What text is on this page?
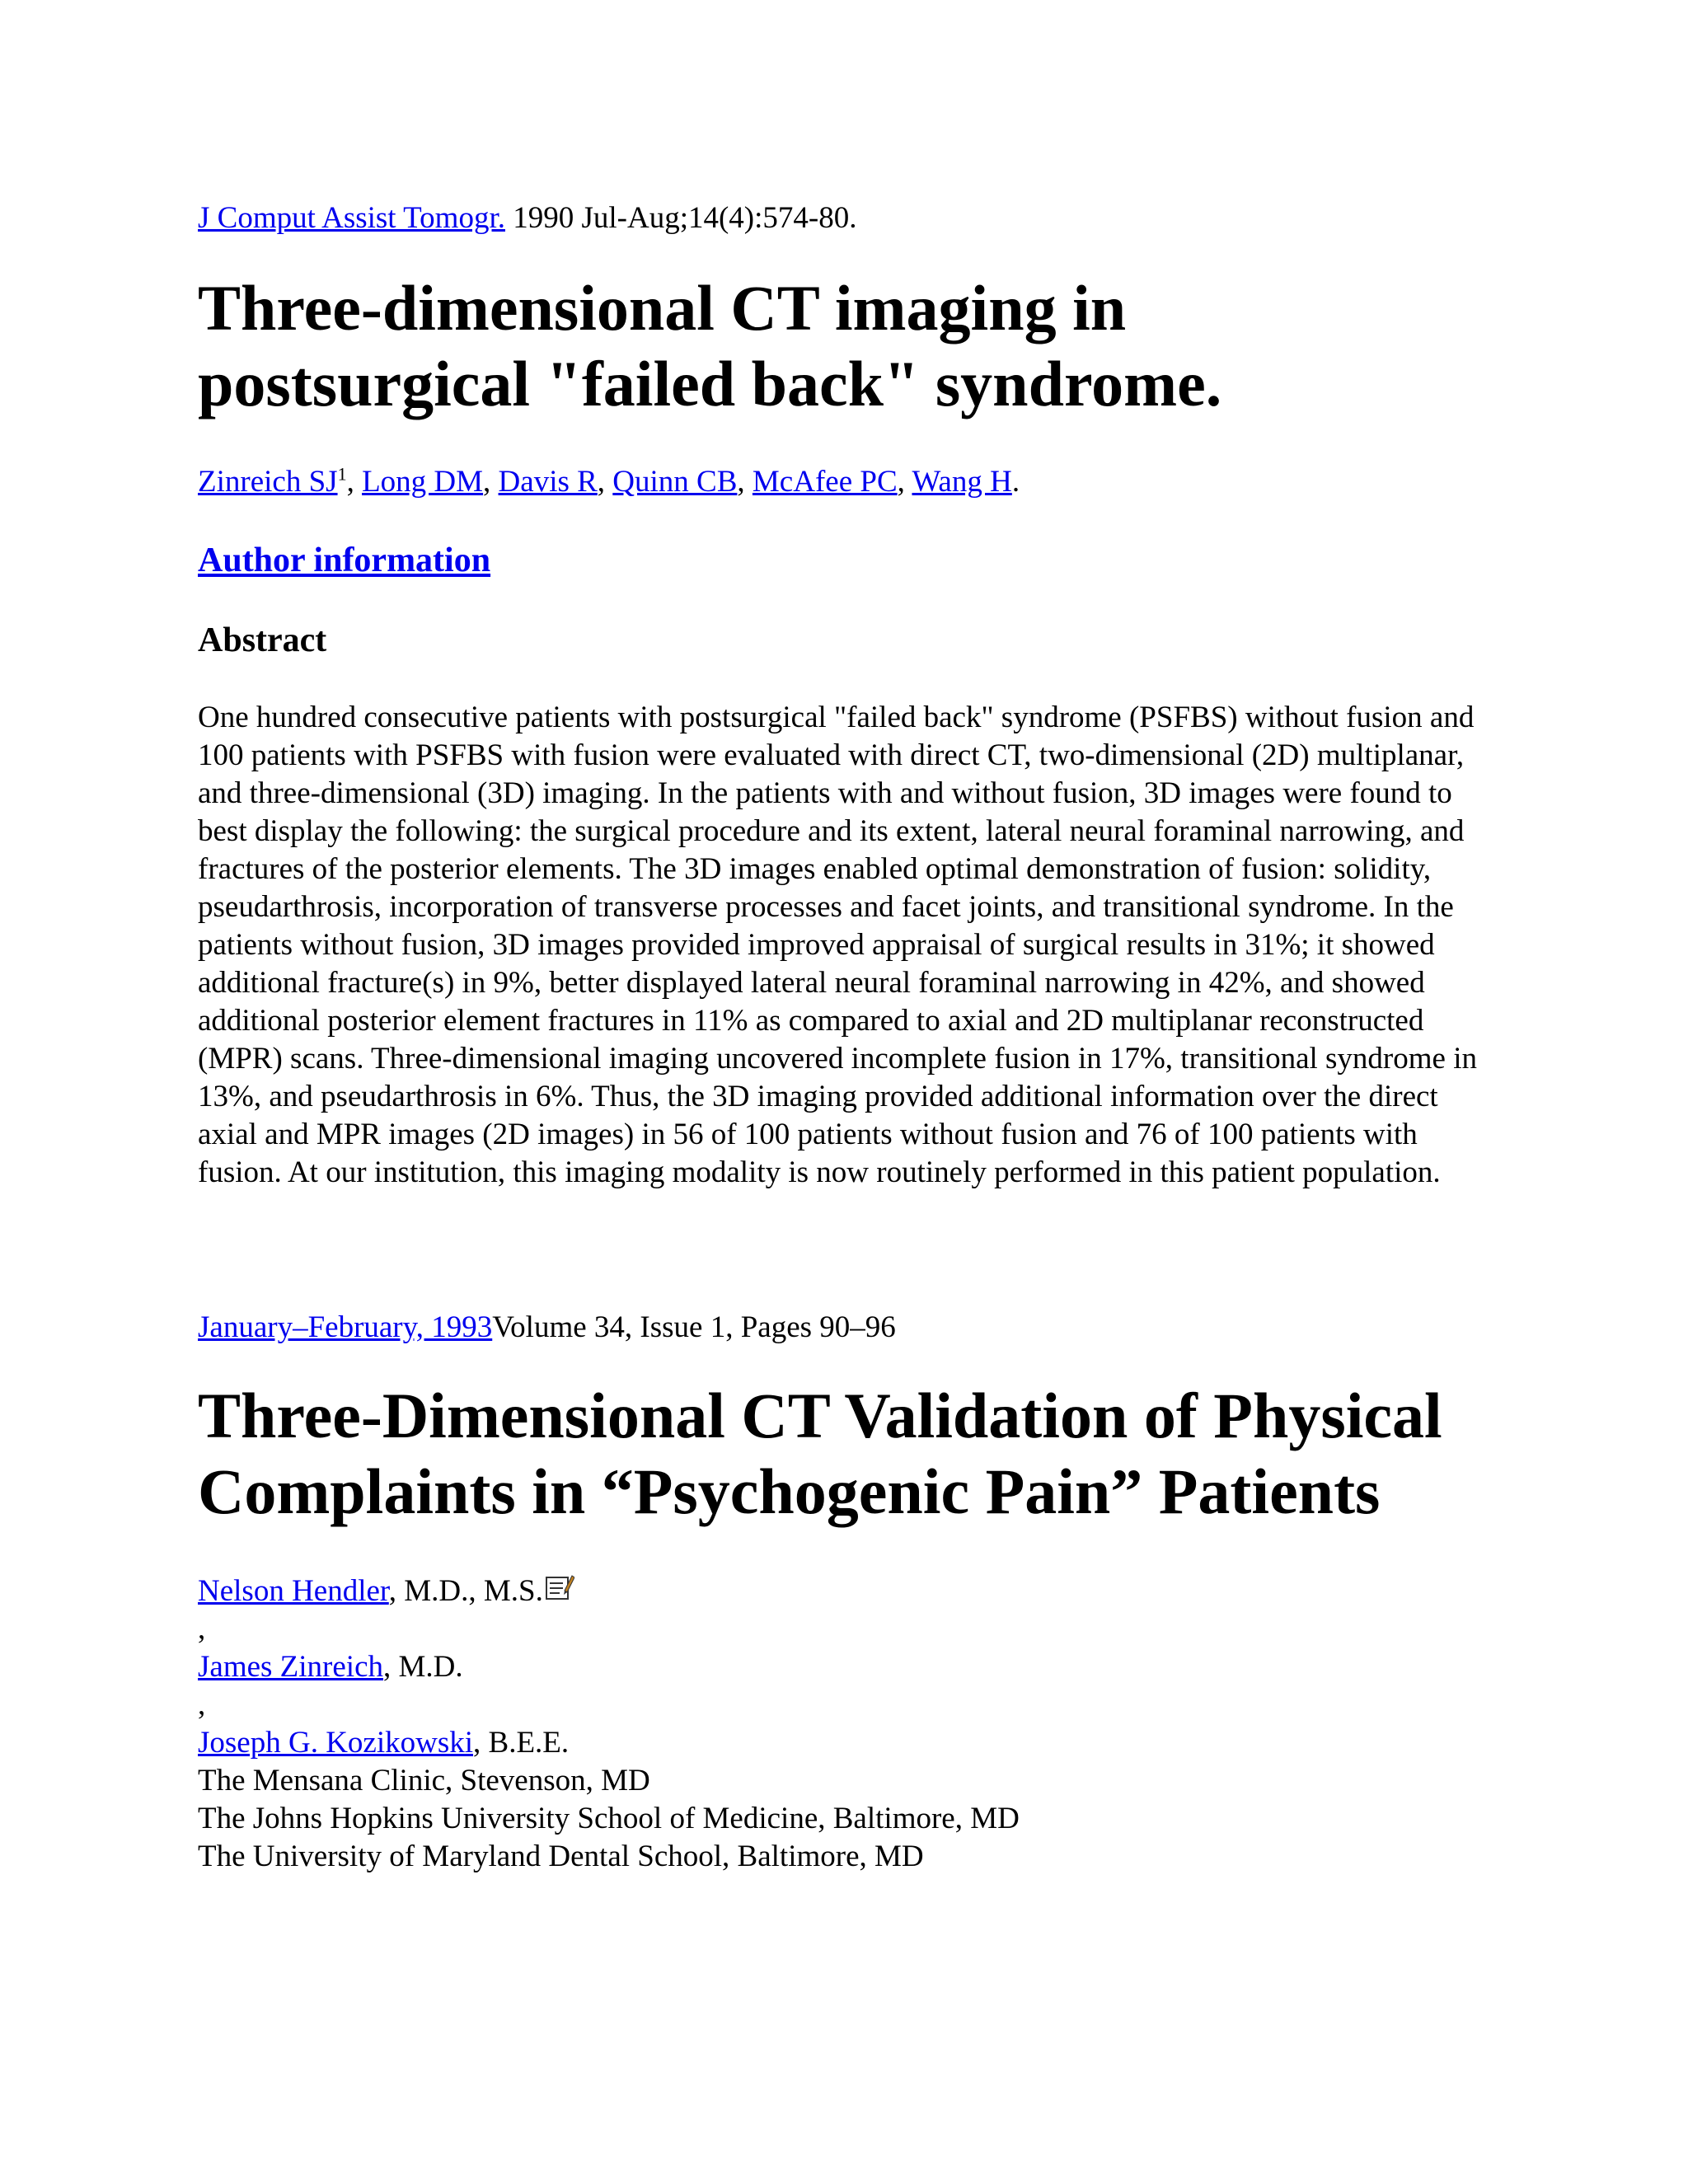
J Comput Assist Tomogr. 1990 Jul-Aug;14(4):574-80.
Three-dimensional CT imaging in
postsurgical "failed back" syndrome.
Zinreich $SJ^1$, Long DM, Davis R, Quinn CB, McAfee PC, Wang H.
Author information
Abstract

One hundred consecutive patients with postsurgical "failed back" syndrome (PSFBS) without fusion and 100 patients with PSFBS with fusion were evaluated with direct CT, two-dimensional (2D) multiplanar, and three-dimensional (3D) imaging. In the patients with and without fusion, 3D images were found to best display the following: the surgical procedure and its extent, lateral neural foraminal narrowing, and fractures of the posterior elements. The 3D images enabled optimal demonstration of fusion: solidity, pseudarthrosis, incorporation of transverse processes and facet joints, and transitional syndrome. In the patients without fusion, 3D images provided improved appraisal of surgical results in 31%; it showed additional fracture(s) in 9%, better displayed lateral neural foraminal narrowing in 42%, and showed additional posterior element fractures in 11% as compared to axial and 2D multiplanar reconstructed (MPR) scans. Three-dimensional imaging uncovered incomplete fusion in 17%, transitional syndrome in 13%, and pseudarthrosis in 6%. Thus, the 3D imaging provided additional information over the direct axial and MPR images (2D images) in 56 of 100 patients without fusion and 76 of 100 patients with fusion. At our institution, this imaging modality is now routinely performed in this patient population.

January–February, 1993Volume 34, Issue 1, Pages 90–96
Three-Dimensional CT Validation of Physical
Complaints in “Psychogenic Pain” Patients
Nelson Hendler, M.D., M.S.
,
James Zinreich, M.D.
,
Joseph G. Kozikowski, B.E.E.
The Mensana Clinic, Stevenson, MD
The Johns Hopkins University School of Medicine, Baltimore, MD
The University of Maryland Dental School, Baltimore, MD
